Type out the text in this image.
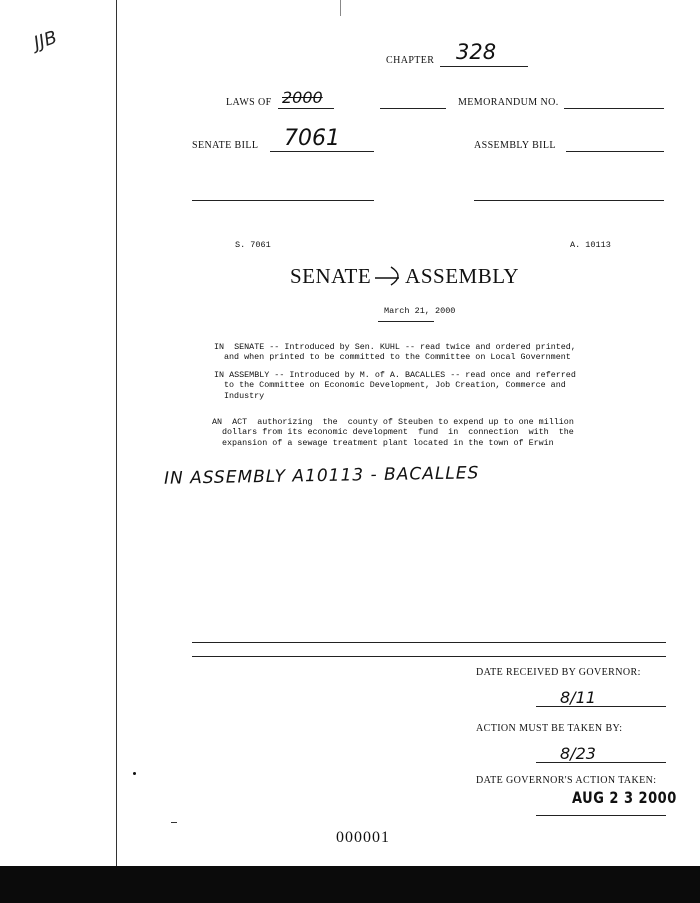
JJB
CHAPTER 328
LAWS OF 2000	MEMORANDUM NO.
SENATE BILL 7061	ASSEMBLY BILL
S. 7061	A. 10113
SENATE ASSEMBLY
March 21, 2000
IN  SENATE -- Introduced by Sen. KUHL -- read twice and ordered printed,
and when printed to be committed to the Committee on Local Government
IN ASSEMBLY -- Introduced by M. of A. BACALLES -- read once and referred
to the Committee on Economic Development, Job Creation, Commerce and
Industry
AN  ACT  authorizing  the  county of Steuben to expend up to one million
dollars from its economic development  fund  in  connection  with  the
expansion of a sewage treatment plant located in the town of Erwin
IN ASSEMBLY A10113 - BACALLES
DATE RECEIVED BY GOVERNOR:
8/11
ACTION MUST BE TAKEN BY:
8/23
DATE GOVERNOR'S ACTION TAKEN:
AUG 2 3 2000
000001
